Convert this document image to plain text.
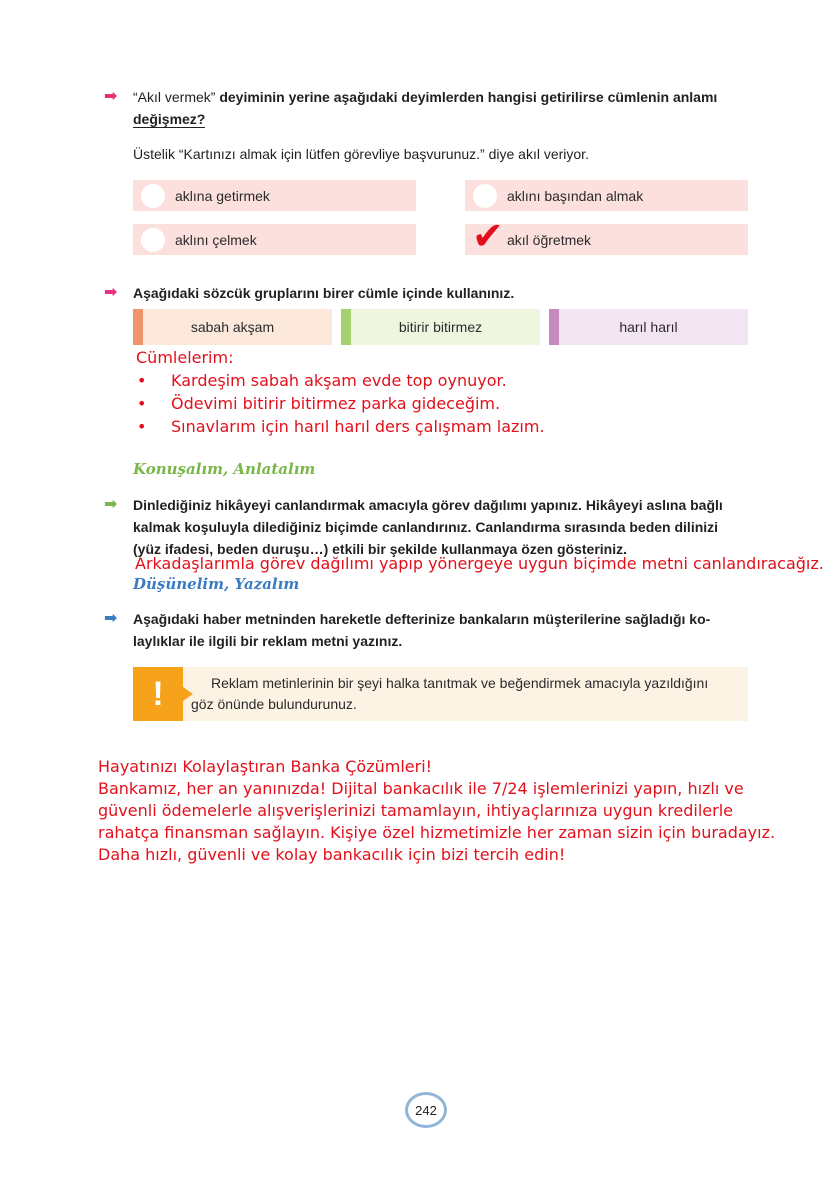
➡ “Akıl vermek” deyiminin yerine aşağıdaki deyimlerden hangisi getirilirse cümlenin anlamı
değişmez?
Üstelik “Kartınızı almak için lütfen görevliye başvurunuz.” diye akıl veriyor.
aklına getirmek	aklını başından almak
aklını çelmek	akıl öğretmek
✔
➡ Aşağıdaki sözcük gruplarını birer cümle içinde kullanınız.
sabah akşam	bitirir bitirmez	harıl harıl
Cümlelerim:
• Kardeşim sabah akşam evde top oynuyor.
• Ödevimi bitirir bitirmez parka gideceğim.
• Sınavlarım için harıl harıl ders çalışmam lazım.
Konuşalım, Anlatalım
➡ Dinlediğiniz hikâyeyi canlandırmak amacıyla görev dağılımı yapınız. Hikâyeyi aslına bağlı
kalmak koşuluyla dilediğiniz biçimde canlandırınız. Canlandırma sırasında beden dilinizi
(yüz ifadesi, beden duruşu…) etkili bir şekilde kullanmaya özen gösteriniz.
Arkadaşlarımla görev dağılımı yapıp yönergeye uygun biçimde metni canlandıracağız.
Düşünelim, Yazalım
➡ Aşağıdaki haber metninden hareketle defterinize bankaların müşterilerine sağladığı ko-
laylıklar ile ilgili bir reklam metni yazınız.
!	Reklam metinlerinin bir şeyi halka tanıtmak ve beğendirmek amacıyla yazıldığını
göz önünde bulundurunuz.
Hayatınızı Kolaylaştıran Banka Çözümleri!
Bankamız, her an yanınızda! Dijital bankacılık ile 7/24 işlemlerinizi yapın, hızlı ve
güvenli ödemelerle alışverişlerinizi tamamlayın, ihtiyaçlarınıza uygun kredilerle
rahatça finansman sağlayın. Kişiye özel hizmetimizle her zaman sizin için buradayız.
Daha hızlı, güvenli ve kolay bankacılık için bizi tercih edin!
242
